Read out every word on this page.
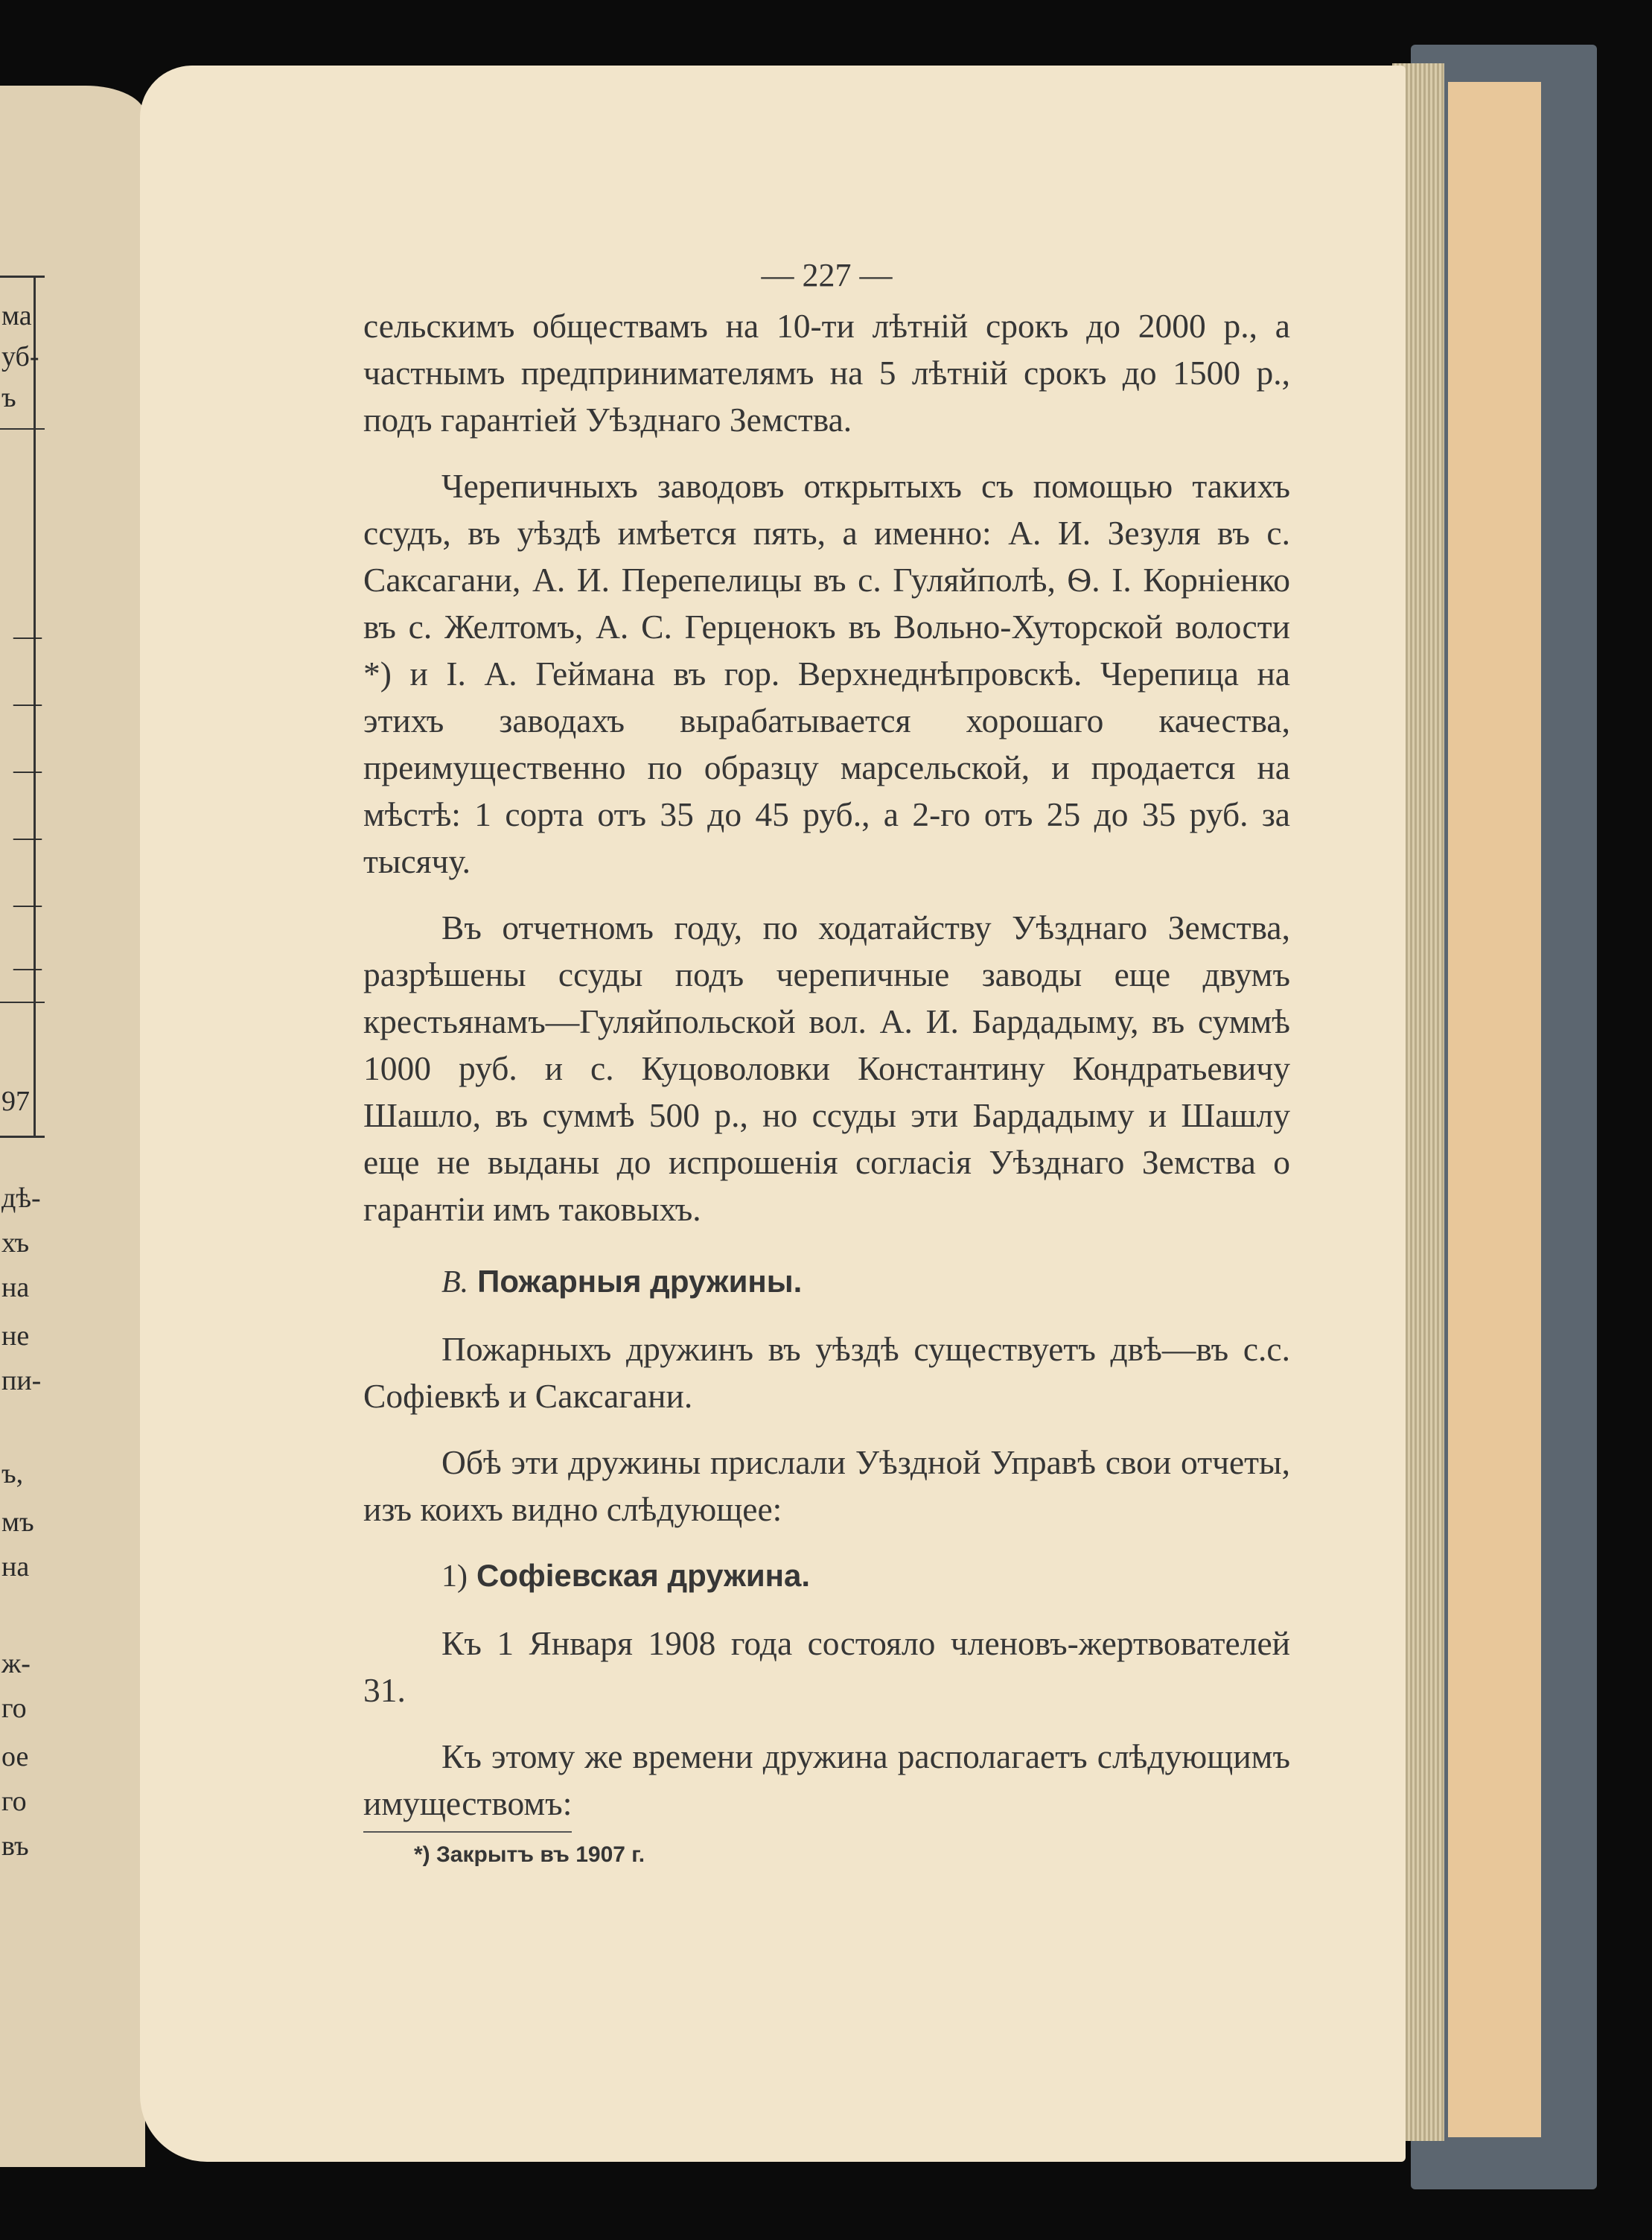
ма
уб-
ъ
—
—
—
—
—
—
97
дѣ-
хъ
на
не
пи-
ъ,
мъ
на
ж-
го
ое
го
въ
— 227 —

сельскимъ обществамъ на 10-ти лѣтній срокъ до 2000 р., а частнымъ предпринимателямъ на 5 лѣтній срокъ до 1500 р., подъ гарантіей Уѣзднаго Земства.

Черепичныхъ заводовъ открытыхъ съ помощью такихъ ссудъ, въ уѣздѣ имѣется пять, а именно: А. И. Зезуля въ с. Саксагани, А. И. Перепелицы въ с. Гуляйполѣ, Ѳ. І. Корніенко въ с. Желтомъ, А. С. Герценокъ въ Вольно-Хуторской волости *) и І. А. Геймана въ гор. Верхнеднѣпровскѣ. Черепица на этихъ заводахъ вырабатывается хорошаго качества, преимущественно по образцу марсельской, и продается на мѣстѣ: 1 сорта отъ 35 до 45 руб., а 2-го отъ 25 до 35 руб. за тысячу.

Въ отчетномъ году, по ходатайству Уѣзднаго Земства, разрѣшены ссуды подъ черепичные заводы еще двумъ крестьянамъ—Гуляйпольской вол. А. И. Бардадыму, въ суммѣ 1000 руб. и с. Куцоволовки Константину Кондратьевичу Шашло, въ суммѣ 500 р., но ссуды эти Бардадыму и Шашлу еще не выданы до испрошенія согласія Уѣзднаго Земства о гарантіи имъ таковыхъ.

В. Пожарныя дружины.

Пожарныхъ дружинъ въ уѣздѣ существуетъ двѣ—въ с.с. Софіевкѣ и Саксагани.

Обѣ эти дружины прислали Уѣздной Управѣ свои отчеты, изъ коихъ видно слѣдующее:

1) Софіевская дружина.

Къ 1 Января 1908 года состояло членовъ-жертвователей 31.

Къ этому же времени дружина располагаетъ слѣдующимъ имуществомъ:

*) Закрытъ въ 1907 г.
